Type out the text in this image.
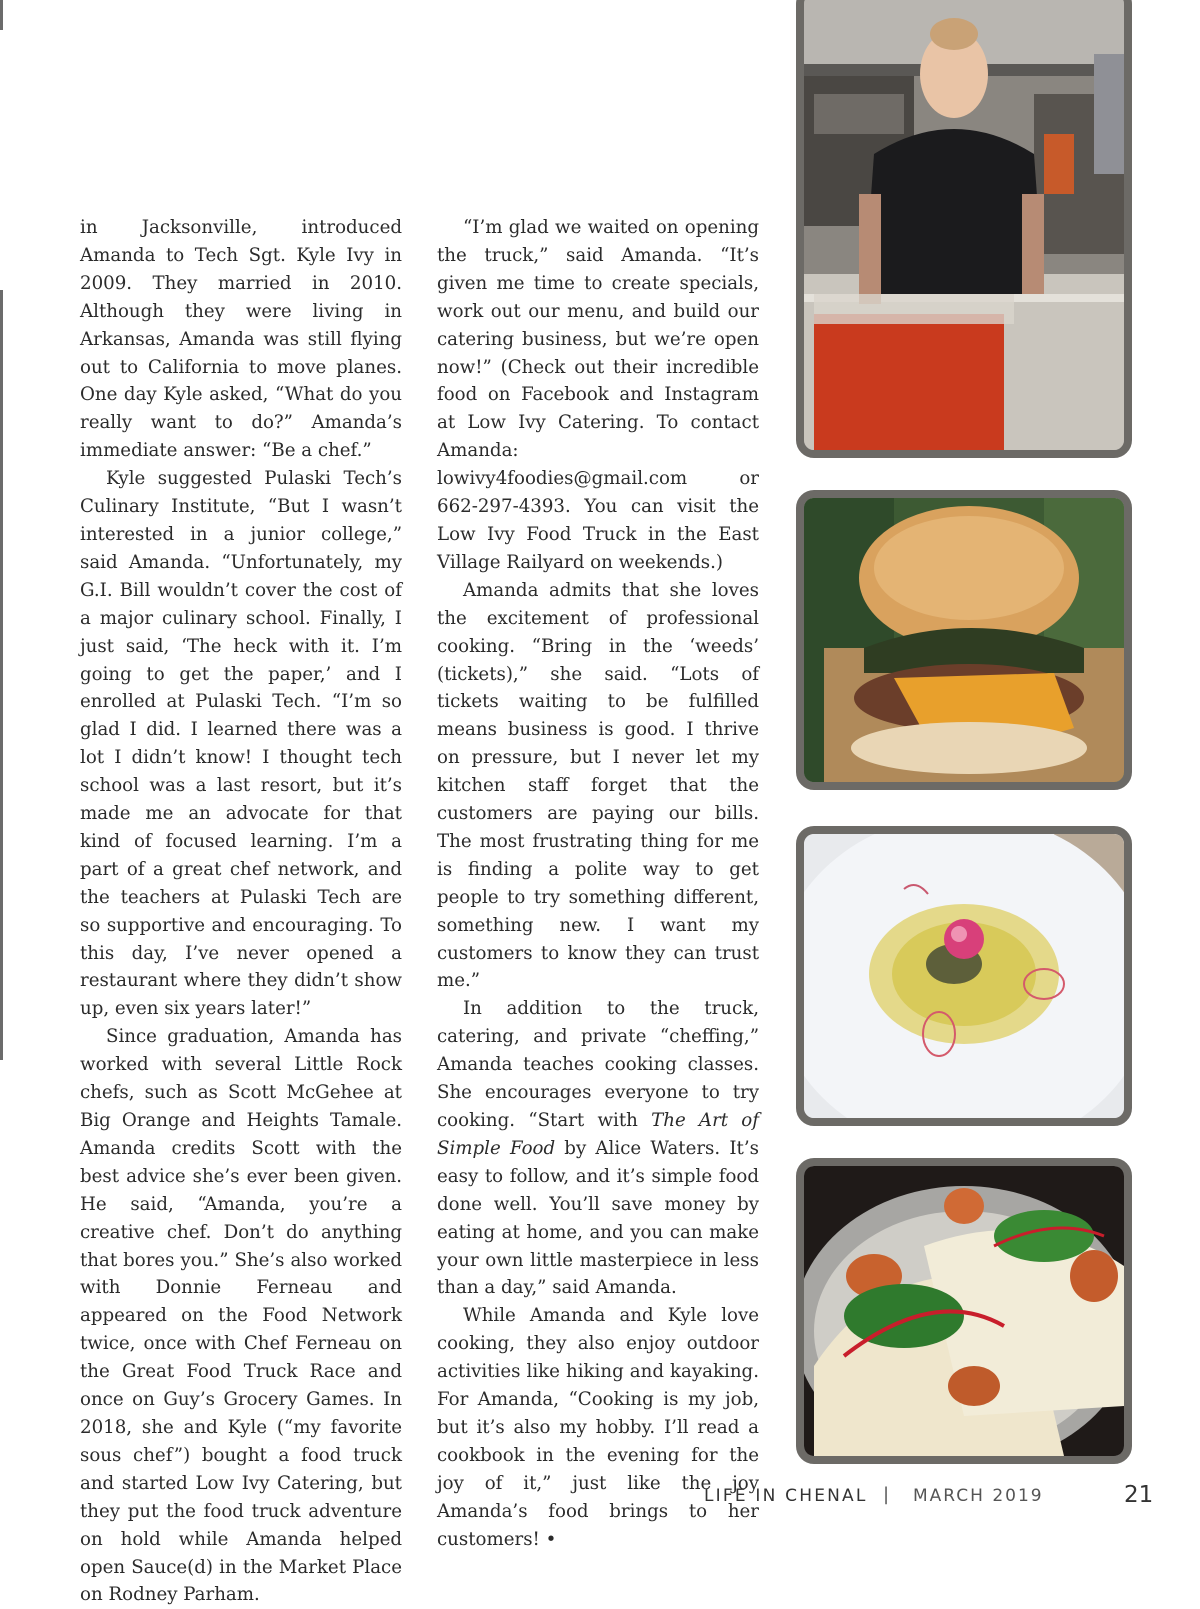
in Jacksonville, introduced Amanda to Tech Sgt. Kyle Ivy in 2009. They married in 2010. Although they were living in Arkansas, Amanda was still flying out to California to move planes. One day Kyle asked, “What do you really want to do?” Amanda’s immediate answer: “Be a chef.”

Kyle suggested Pulaski Tech’s Culinary Institute, “But I wasn’t interested in a junior college,” said Amanda. “Unfortunately, my G.I. Bill wouldn’t cover the cost of a major culinary school. Finally, I just said, ‘The heck with it. I’m going to get the paper,’ and I enrolled at Pulaski Tech. “I’m so glad I did. I learned there was a lot I didn’t know! I thought tech school was a last resort, but it’s made me an advocate for that kind of focused learning. I’m a part of a great chef network, and the teachers at Pulaski Tech are so supportive and encouraging. To this day, I’ve never opened a restaurant where they didn’t show up, even six years later!”

Since graduation, Amanda has worked with several Little Rock chefs, such as Scott McGehee at Big Orange and Heights Tamale. Amanda credits Scott with the best advice she’s ever been given. He said, “Amanda, you’re a creative chef. Don’t do anything that bores you.” She’s also worked with Donnie Ferneau and appeared on the Food Network twice, once with Chef Ferneau on the Great Food Truck Race and once on Guy’s Grocery Games. In 2018, she and Kyle (“my favorite sous chef”) bought a food truck and started Low Ivy Catering, but they put the food truck adventure on hold while Amanda helped open Sauce(d) in the Market Place on Rodney Parham.

“I’m glad we waited on opening the truck,” said Amanda. “It’s given me time to create specials, work out our menu, and build our catering business, but we’re open now!” (Check out their incredible food on Facebook and Instagram at Low Ivy Catering. To contact Amanda: lowivy4foodies@gmail.com or 662-297-4393. You can visit the Low Ivy Food Truck in the East Village Railyard on weekends.)

Amanda admits that she loves the excitement of professional cooking. “Bring in the ‘weeds’ (tickets),” she said. “Lots of tickets waiting to be fulfilled means business is good. I thrive on pressure, but I never let my kitchen staff forget that the customers are paying our bills. The most frustrating thing for me is finding a polite way to get people to try something different, something new. I want my customers to know they can trust me.”

In addition to the truck, catering, and private “cheffing,” Amanda teaches cooking classes. She encourages everyone to try cooking. “Start with The Art of Simple Food by Alice Waters. It’s easy to follow, and it’s simple food done well. You’ll save money by eating at home, and you can make your own little masterpiece in less than a day,” said Amanda.

While Amanda and Kyle love cooking, they also enjoy outdoor activities like hiking and kayaking. For Amanda, “Cooking is my job, but it’s also my hobby. I’ll read a cookbook in the evening for the joy of it,” just like the joy Amanda’s food brings to her customers! •

LIFE IN CHENAL | MARCH 2019	21
